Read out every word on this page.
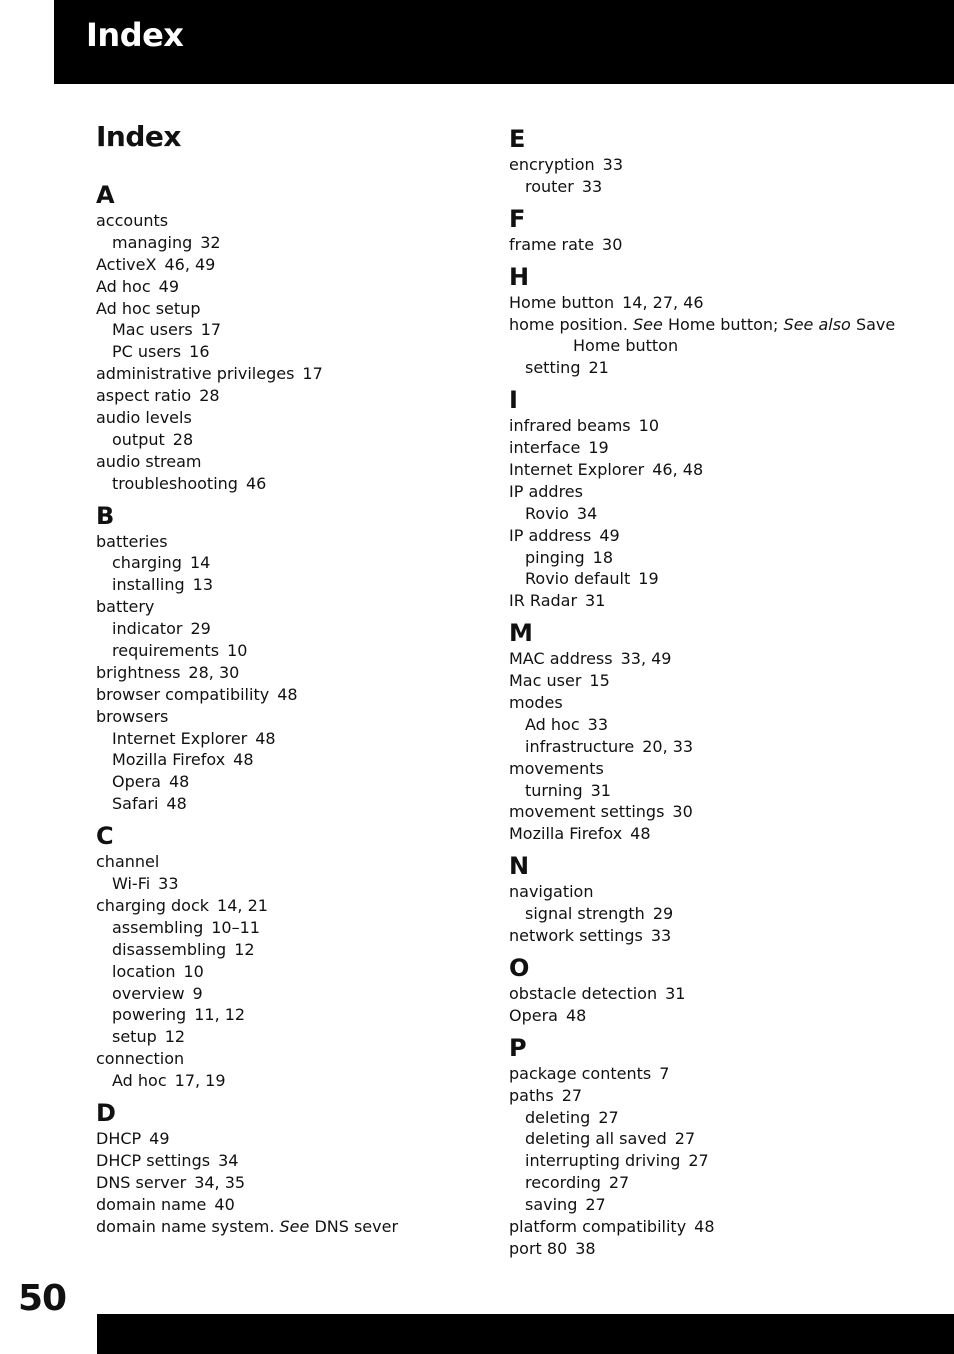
Index
Index
A
accounts
managing 32
ActiveX 46, 49
Ad hoc 49
Ad hoc setup
Mac users 17
PC users 16
administrative privileges 17
aspect ratio 28
audio levels
output 28
audio stream
troubleshooting 46
B
batteries
charging 14
installing 13
battery
indicator 29
requirements 10
brightness 28, 30
browser compatibility 48
browsers
Internet Explorer 48
Mozilla Firefox 48
Opera 48
Safari 48
C
channel
Wi-Fi 33
charging dock 14, 21
assembling 10–11
disassembling 12
location 10
overview 9
powering 11, 12
setup 12
connection
Ad hoc 17, 19
D
DHCP 49
DHCP settings 34
DNS server 34, 35
domain name 40
domain name system. See DNS sever
E
encryption 33
router 33
F
frame rate 30
H
Home button 14, 27, 46
home position. See Home button; See also Save
Home button
setting 21
I
infrared beams 10
interface 19
Internet Explorer 46, 48
IP addres
Rovio 34
IP address 49
pinging 18
Rovio default 19
IR Radar 31
M
MAC address 33, 49
Mac user 15
modes
Ad hoc 33
infrastructure 20, 33
movements
turning 31
movement settings 30
Mozilla Firefox 48
N
navigation
signal strength 29
network settings 33
O
obstacle detection 31
Opera 48
P
package contents 7
paths 27
deleting 27
deleting all saved 27
interrupting driving 27
recording 27
saving 27
platform compatibility 48
port 80 38
50
